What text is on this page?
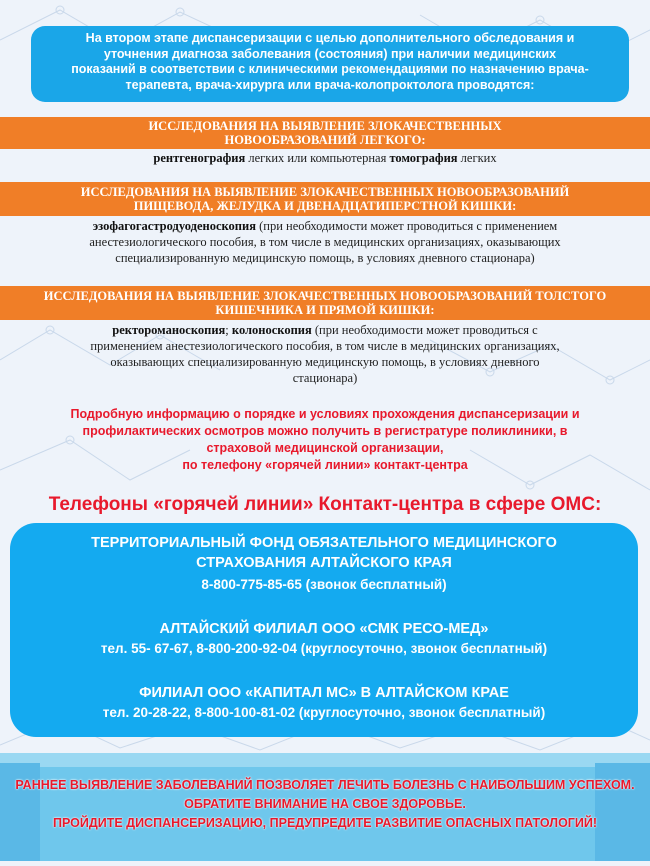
На втором этапе диспансеризации с целью дополнительного обследования и
уточнения диагноза заболевания (состояния) при наличии медицинских
показаний в соответствии с клиническими рекомендациями по назначению врача-
терапевта, врача-хирурга или врача-колопроктолога проводятся:
ИССЛЕДОВАНИЯ НА ВЫЯВЛЕНИЕ ЗЛОКАЧЕСТВЕННЫХ
НОВООБРАЗОВАНИЙ ЛЕГКОГО:
рентгенография легких или компьютерная томография легких
ИССЛЕДОВАНИЯ НА ВЫЯВЛЕНИЕ ЗЛОКАЧЕСТВЕННЫХ НОВООБРАЗОВАНИЙ
ПИЩЕВОДА, ЖЕЛУДКА И ДВЕНАДЦАТИПЕРСТНОЙ КИШКИ:
эзофагогастродуоденоскопия (при необходимости может проводиться с применением
анестезиологического пособия, в том числе в медицинских организациях, оказывающих
специализированную медицинскую помощь, в условиях дневного стационара)
ИССЛЕДОВАНИЯ НА ВЫЯВЛЕНИЕ ЗЛОКАЧЕСТВЕННЫХ НОВООБРАЗОВАНИЙ ТОЛСТОГО
КИШЕЧНИКА И ПРЯМОЙ КИШКИ:
ректороманоскопия; колоноскопия (при необходимости может проводиться с
применением анестезиологического пособия, в том числе в медицинских организациях,
оказывающих специализированную медицинскую помощь, в условиях дневного
стационара)
Подробную информацию о порядке и условиях прохождения диспансеризации и
профилактических осмотров можно получить в регистратуре поликлиники, в
страховой медицинской организации,
по телефону «горячей линии» контакт-центра
Телефоны «горячей линии» Контакт-центра в сфере ОМС:
ТЕРРИТОРИАЛЬНЫЙ ФОНД ОБЯЗАТЕЛЬНОГО МЕДИЦИНСКОГО
СТРАХОВАНИЯ АЛТАЙСКОГО КРАЯ
8-800-775-85-65 (звонок бесплатный)
АЛТАЙСКИЙ ФИЛИАЛ ООО «СМК РЕСО-МЕД»
тел. 55- 67-67, 8-800-200-92-04 (круглосуточно, звонок бесплатный)
ФИЛИАЛ ООО «КАПИТАЛ МС» В АЛТАЙСКОМ КРАЕ
тел. 20-28-22, 8-800-100-81-02 (круглосуточно, звонок бесплатный)
РАННЕЕ ВЫЯВЛЕНИЕ ЗАБОЛЕВАНИЙ ПОЗВОЛЯЕТ ЛЕЧИТЬ БОЛЕЗНЬ С НАИБОЛЬШИМ УСПЕХОМ.
ОБРАТИТЕ ВНИМАНИЕ НА СВОЕ ЗДОРОВЬЕ.
ПРОЙДИТЕ ДИСПАНСЕРИЗАЦИЮ, ПРЕДУПРЕДИТЕ РАЗВИТИЕ ОПАСНЫХ ПАТОЛОГИЙ!
